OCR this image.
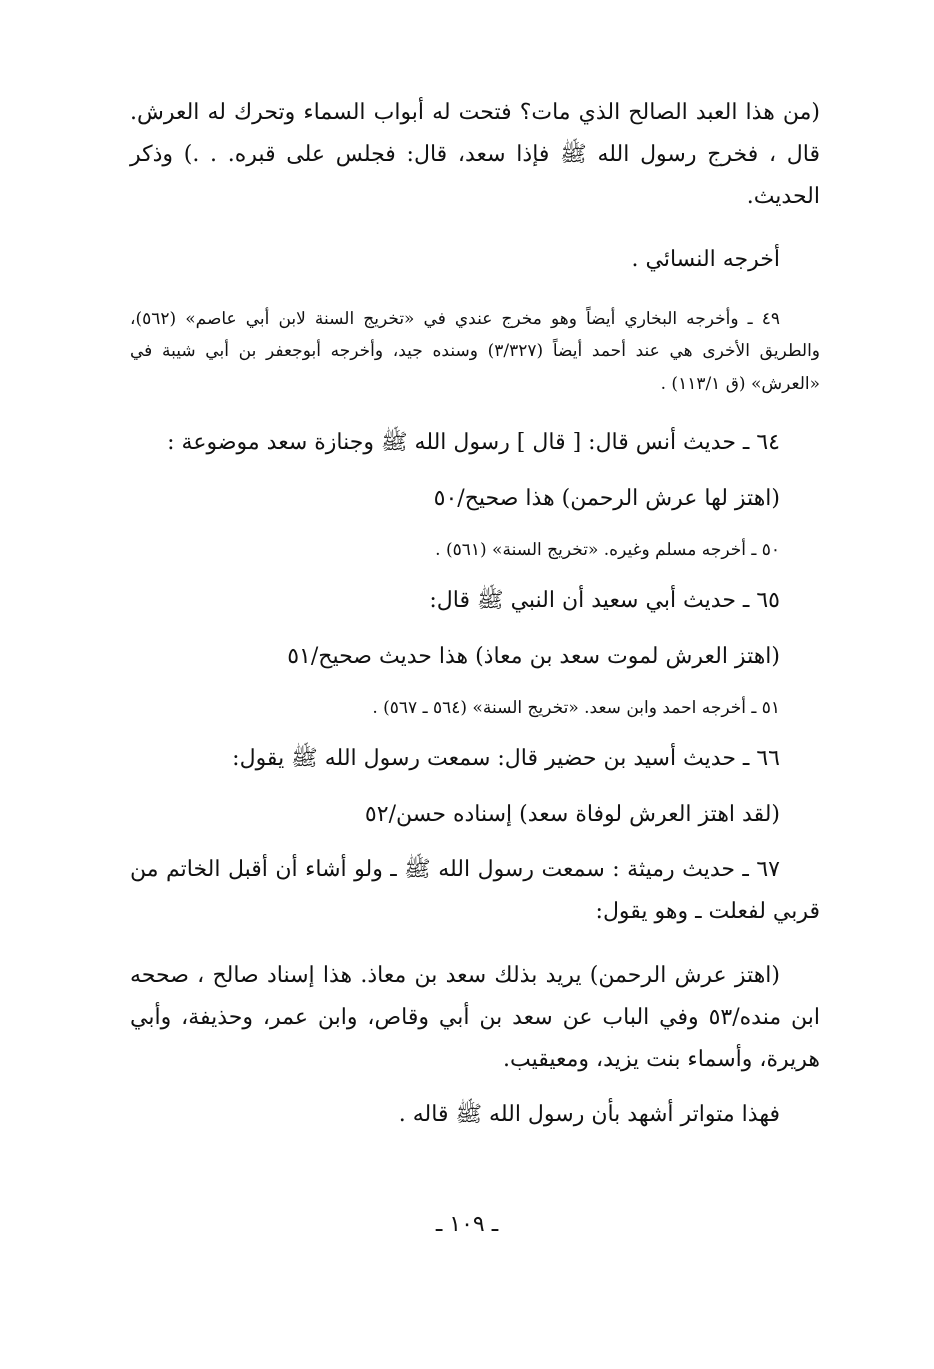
(من هذا العبد الصالح الذي مات؟ فتحت له أبواب السماء وتحرك له العرش. قال ، فخرج رسول الله ﷺ فإذا سعد، قال: فجلس على قبره. . .) وذكر الحديث.

أخرجه النسائي .

٤٩ ـ وأخرجه البخاري أيضاً وهو مخرج عندي في «تخريج السنة لابن أبي عاصم» (٥٦٢)، والطريق الأخرى هي عند أحمد أيضاً (٣/٣٢٧) وسنده جيد، وأخرجه أبوجعفر بن أبي شيبة في «العرش» (ق ١١٣/١) .

٦٤ ـ حديث أنس قال: [ قال ] رسول الله ﷺ وجنازة سعد موضوعة :

(اهتز لها عرش الرحمن) هذا صحيح/٥٠

٥٠ ـ أخرجه مسلم وغيره. «تخريج السنة» (٥٦١) .

٦٥ ـ حديث أبي سعيد أن النبي ﷺ قال:

(اهتز العرش لموت سعد بن معاذ) هذا حديث صحيح/٥١

٥١ ـ أخرجه احمد وابن سعد. «تخريج السنة» (٥٦٤ ـ ٥٦٧) .

٦٦ ـ حديث أسيد بن حضير قال: سمعت رسول الله ﷺ يقول:

(لقد اهتز العرش لوفاة سعد) إسناده حسن/٥٢

٦٧ ـ حديث رميثة : سمعت رسول الله ﷺ ـ ولو أشاء أن أقبل الخاتم من قربي لفعلت ـ وهو يقول:

(اهتز عرش الرحمن) يريد بذلك سعد بن معاذ. هذا إسناد صالح ، صححه ابن منده/٥٣ وفي الباب عن سعد بن أبي وقاص، وابن عمر، وحذيفة، وأبي هريرة، وأسماء بنت يزيد، ومعيقيب.

فهذا متواتر أشهد بأن رسول الله ﷺ قاله .

ـ ١٠٩ ـ
